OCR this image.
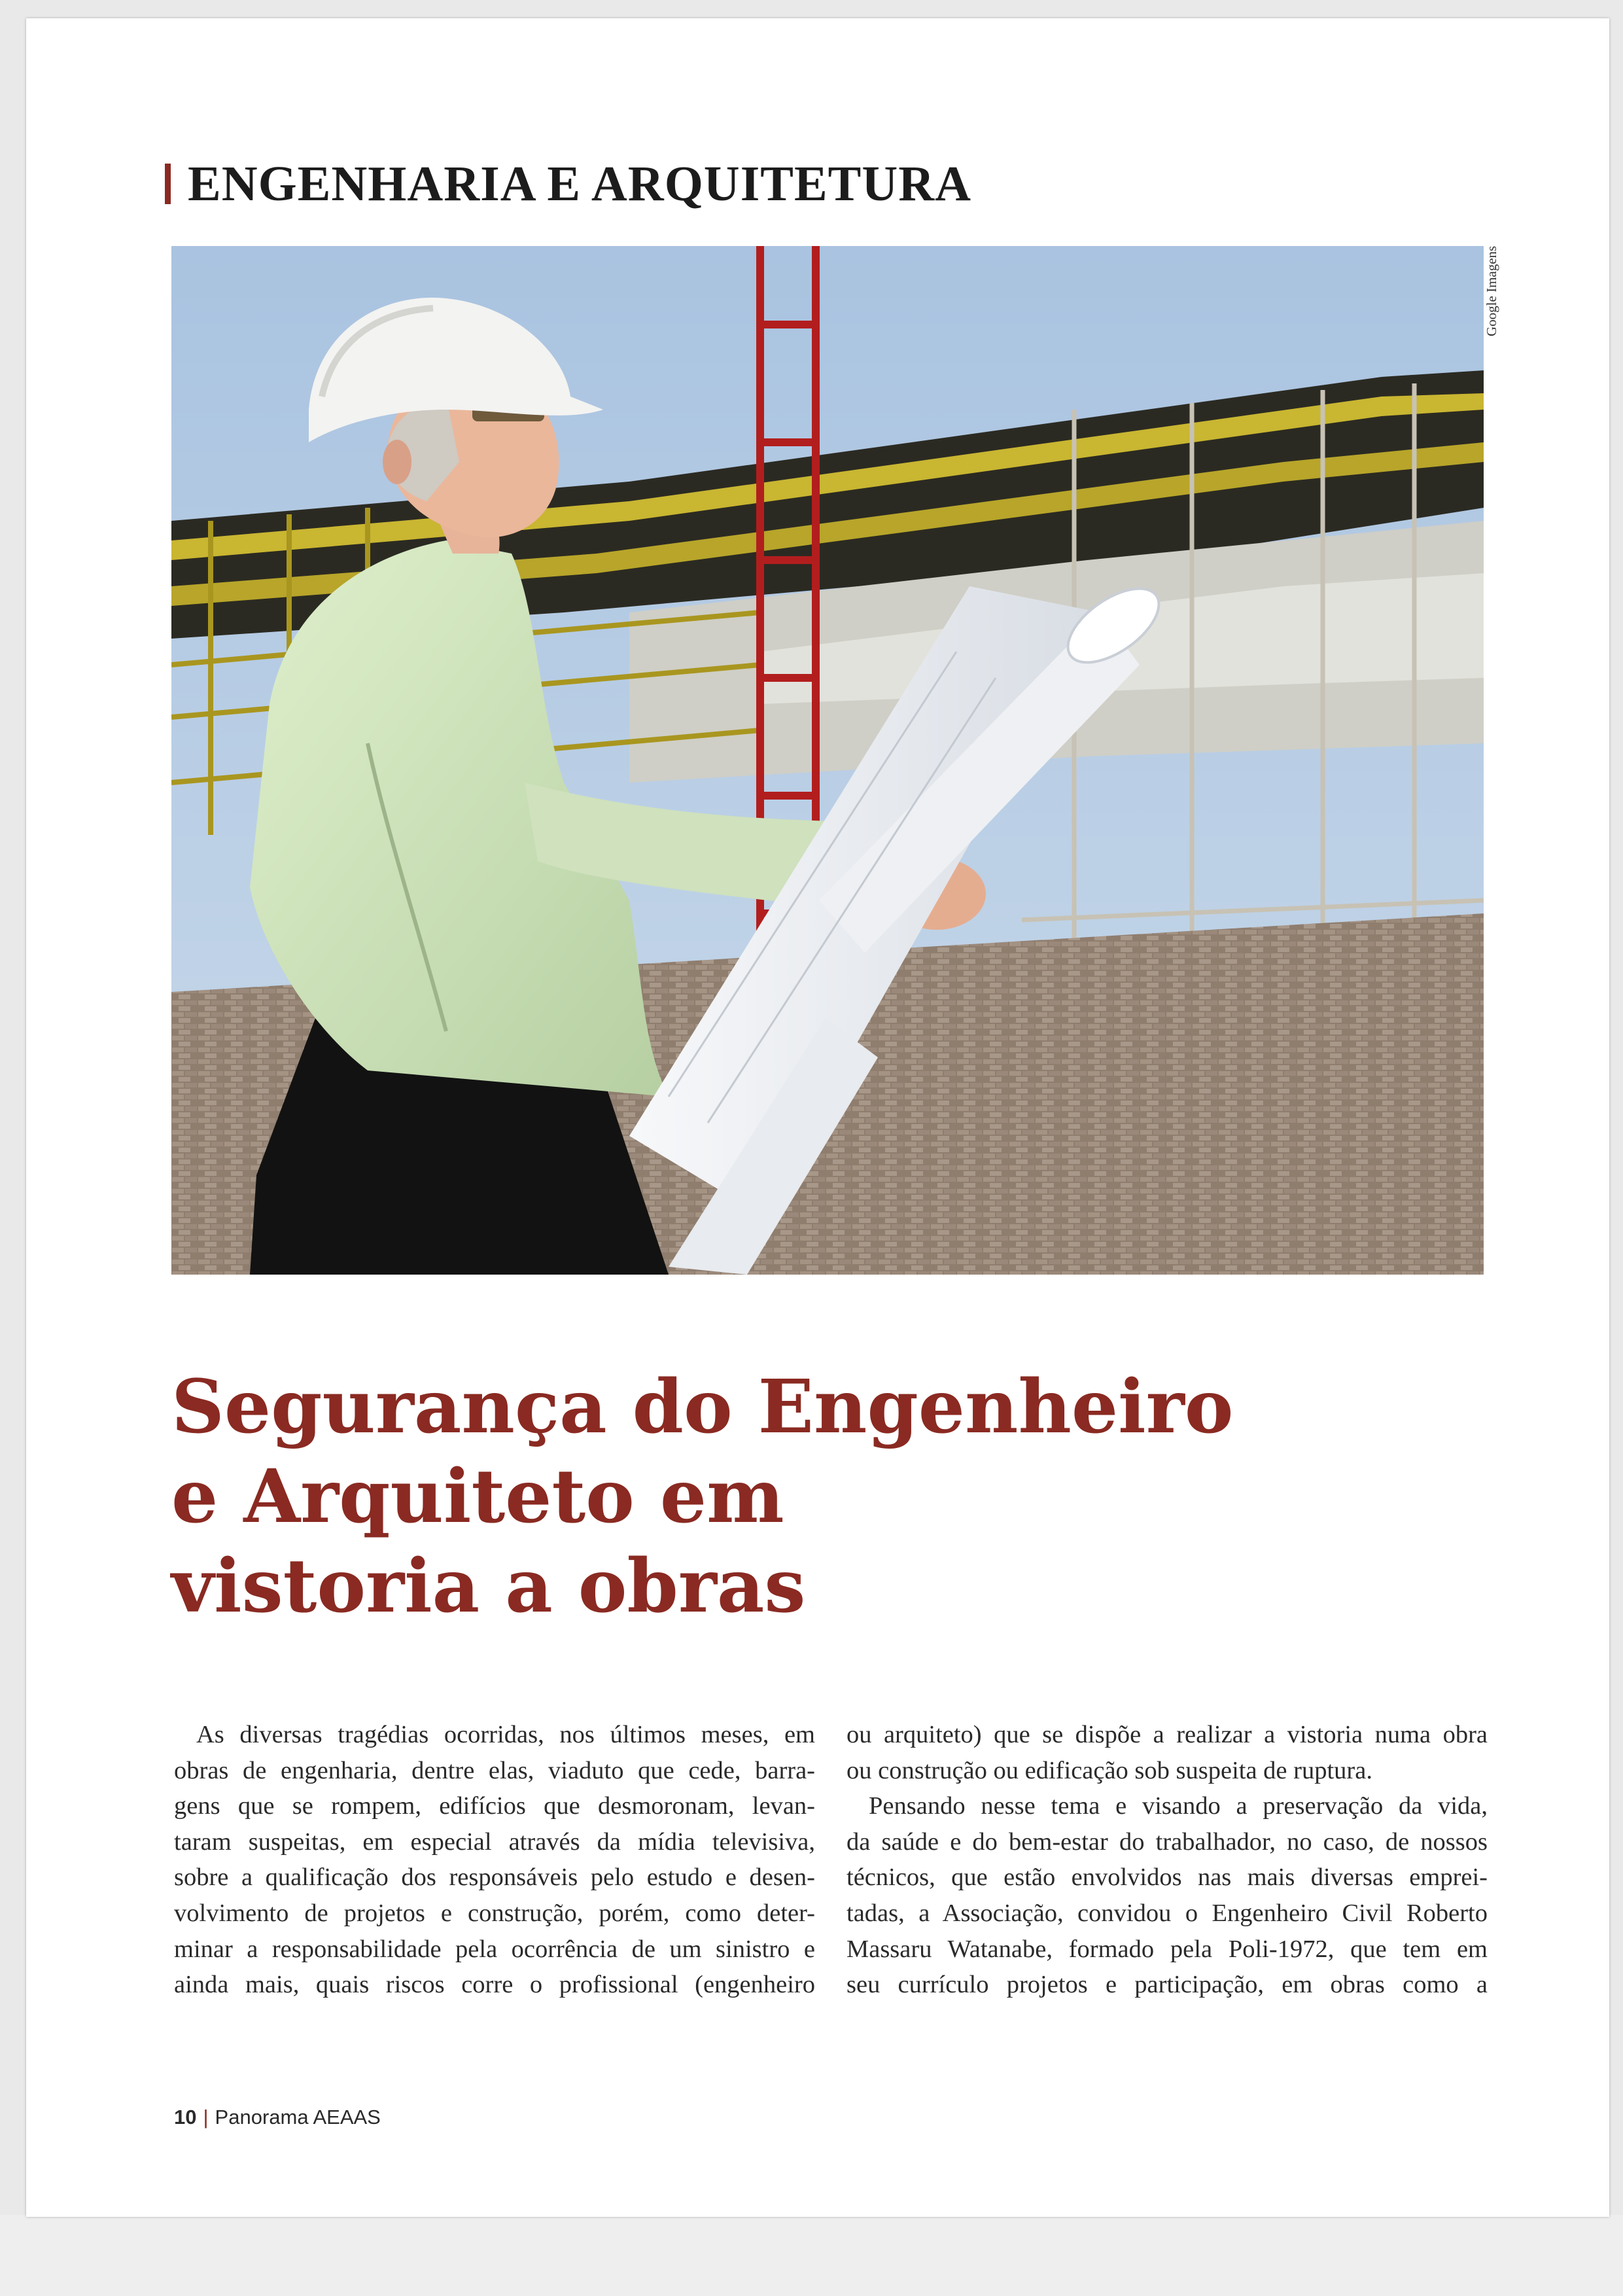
ENGENHARIA E ARQUITETURA
Google Imagens
Segurança do Engenheiro
e Arquiteto em
vistoria a obras
As diversas tragédias ocorridas, nos últimos meses, em
obras de engenharia, dentre elas, viaduto que cede, barra-
gens que se rompem, edifícios que desmoronam, levan-
taram suspeitas, em especial através da mídia televisiva,
sobre a qualificação dos responsáveis pelo estudo e desen-
volvimento de projetos e construção, porém, como deter-
minar a responsabilidade pela ocorrência de um sinistro e
ainda mais, quais riscos corre o profissional (engenheiro
ou arquiteto) que se dispõe a realizar a vistoria numa obra
ou construção ou edificação sob suspeita de ruptura.
Pensando nesse tema e visando a preservação da vida,
da saúde e do bem-estar do trabalhador, no caso, de nossos
técnicos, que estão envolvidos nas mais diversas emprei-
tadas, a Associação, convidou o Engenheiro Civil Roberto
Massaru Watanabe, formado pela Poli-1972, que tem em
seu currículo projetos e participação, em obras como a
10 | Panorama AEAAS
